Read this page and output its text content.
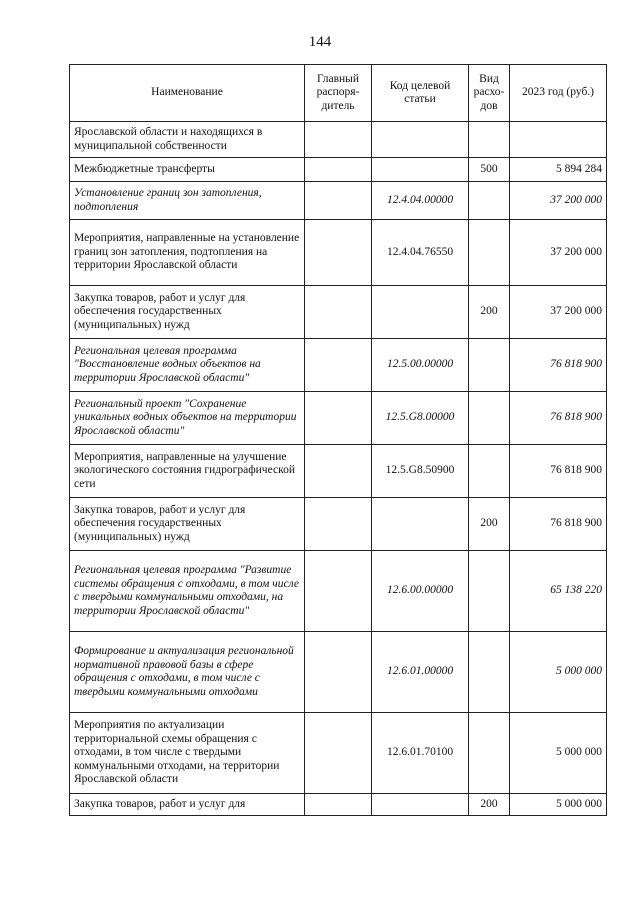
144
Наименование	Главный распоря-дитель	Код целевой статьи	Вид расхо-дов	2023 год (руб.)
Ярославской области и находящихся в муниципальной собственности				
Межбюджетные трансферты			500	5 894 284
Установление границ зон затопления, подтопления		12.4.04.00000		37 200 000
Мероприятия, направленные на установление границ зон затопления, подтопления на территории Ярославской области		12.4.04.76550		37 200 000
Закупка товаров, работ и услуг для обеспечения государственных (муниципальных) нужд			200	37 200 000
Региональная целевая программа "Восстановление водных объектов на территории Ярославской области"		12.5.00.00000		76 818 900
Региональный проект "Сохранение уникальных водных объектов на территории Ярославской области"		12.5.G8.00000		76 818 900
Мероприятия, направленные на улучшение экологического состояния гидрографической сети		12.5.G8.50900		76 818 900
Закупка товаров, работ и услуг для обеспечения государственных (муниципальных) нужд			200	76 818 900
Региональная целевая программа "Развитие системы обращения с отходами, в том числе с твердыми коммунальными отходами, на территории Ярославской области"		12.6.00.00000		65 138 220
Формирование и актуализация региональной нормативной правовой базы в сфере обращения с отходами, в том числе с твердыми коммунальными отходами		12.6.01.00000		5 000 000
Мероприятия по актуализации территориальной схемы обращения с отходами, в том числе с твердыми коммунальными отходами, на территории Ярославской области		12.6.01.70100		5 000 000
Закупка товаров, работ и услуг для			200	5 000 000
